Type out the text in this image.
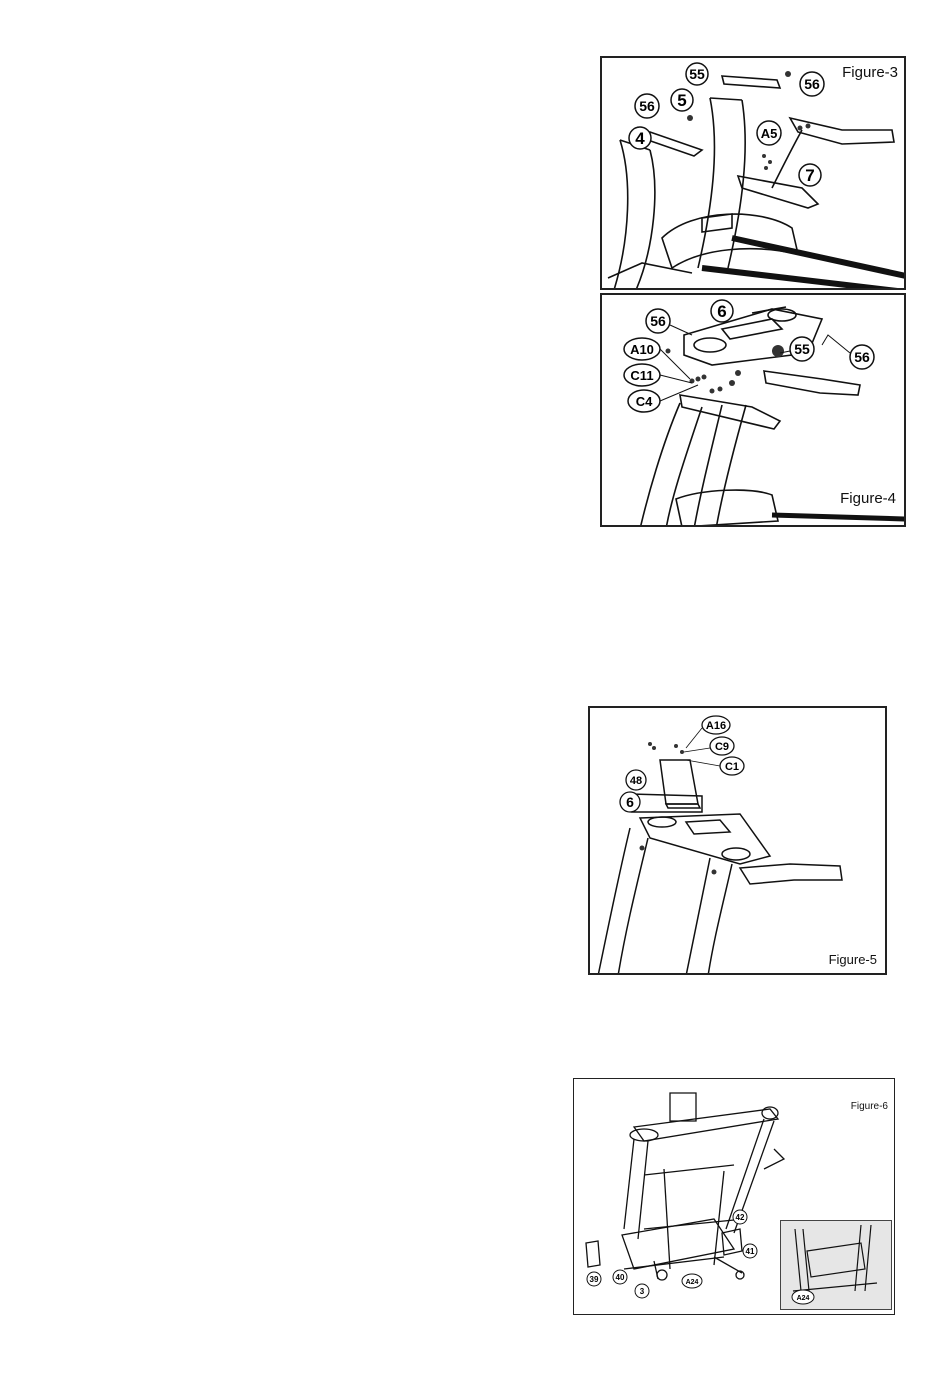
55
56
5
56
4	A5
7
Figure-3
6
56
A10
C11
C4
55	56
Figure-4
A16
C9
C1
48
6
Figure-5
42
39 40
3
A24
41
Figure-6
A24
